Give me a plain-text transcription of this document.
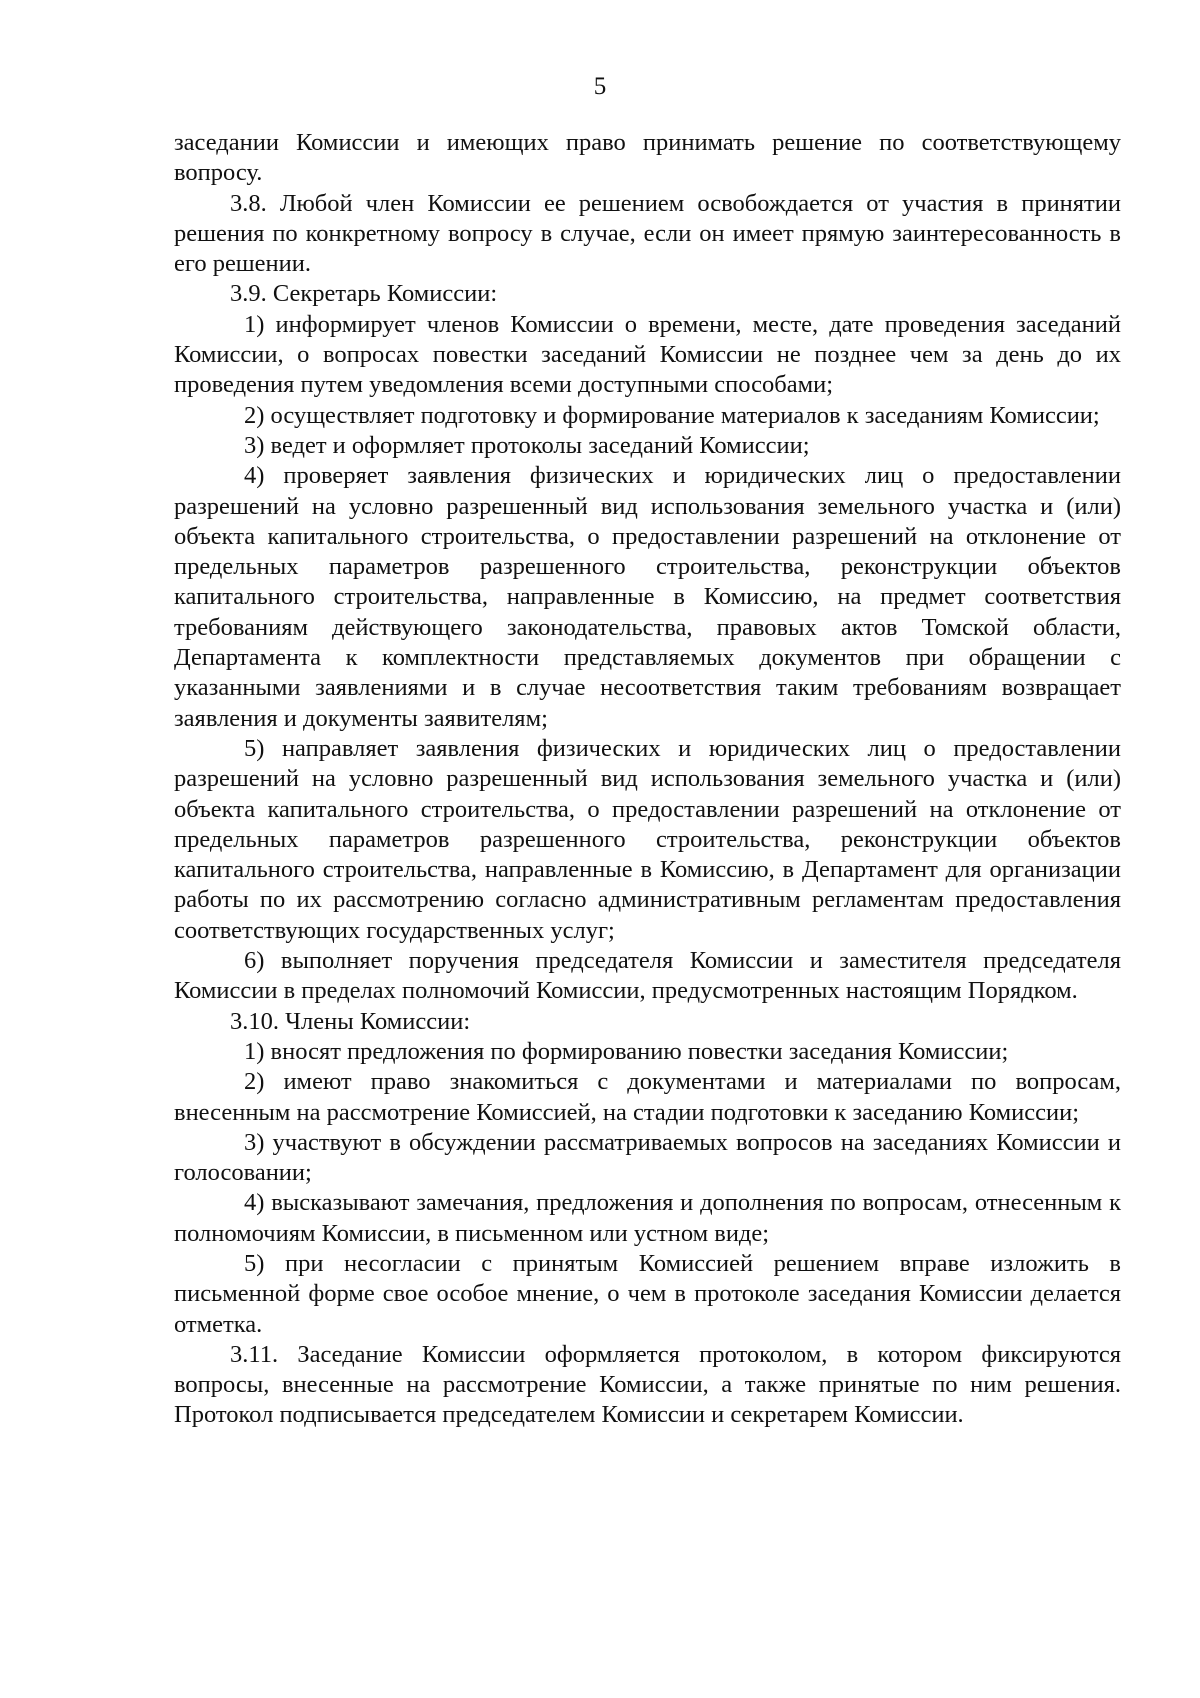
5

заседании Комиссии и имеющих право принимать решение по соответствующему вопросу.

3.8. Любой член Комиссии ее решением освобождается от участия в принятии решения по конкретному вопросу в случае, если он имеет прямую заинтересованность в его решении.

3.9. Секретарь Комиссии:

1) информирует членов Комиссии о времени, месте, дате проведения заседаний Комиссии, о вопросах повестки заседаний Комиссии не позднее чем за день до их проведения путем уведомления всеми доступными способами;

2) осуществляет подготовку и формирование материалов к заседаниям Комиссии;

3) ведет и оформляет протоколы заседаний Комиссии;

4) проверяет заявления физических и юридических лиц о предоставлении разрешений на условно разрешенный вид использования земельного участка и (или) объекта капитального строительства, о предоставлении разрешений на отклонение от предельных параметров разрешенного строительства, реконструкции объектов капитального строительства, направленные в Комиссию, на предмет соответствия требованиям действующего законодательства, правовых актов Томской области, Департамента к комплектности представляемых документов при обращении с указанными заявлениями и в случае несоответствия таким требованиям возвращает заявления и документы заявителям;

5) направляет заявления физических и юридических лиц о предоставлении разрешений на условно разрешенный вид использования земельного участка и (или) объекта капитального строительства, о предоставлении разрешений на отклонение от предельных параметров разрешенного строительства, реконструкции объектов капитального строительства, направленные в Комиссию, в Департамент для организации работы по их рассмотрению согласно административным регламентам предоставления соответствующих государственных услуг;

6) выполняет поручения председателя Комиссии и заместителя председателя Комиссии в пределах полномочий Комиссии, предусмотренных настоящим Порядком.

3.10. Члены Комиссии:

1) вносят предложения по формированию повестки заседания Комиссии;

2) имеют право знакомиться с документами и материалами по вопросам, внесенным на рассмотрение Комиссией, на стадии подготовки к заседанию Комиссии;

3) участвуют в обсуждении рассматриваемых вопросов на заседаниях Комиссии и голосовании;

4) высказывают замечания, предложения и дополнения по вопросам, отнесенным к полномочиям Комиссии, в письменном или устном виде;

5) при несогласии с принятым Комиссией решением вправе изложить в письменной форме свое особое мнение, о чем в протоколе заседания Комиссии делается отметка.

3.11. Заседание Комиссии оформляется протоколом, в котором фиксируются вопросы, внесенные на рассмотрение Комиссии, а также принятые по ним решения. Протокол подписывается председателем Комиссии и секретарем Комиссии.
